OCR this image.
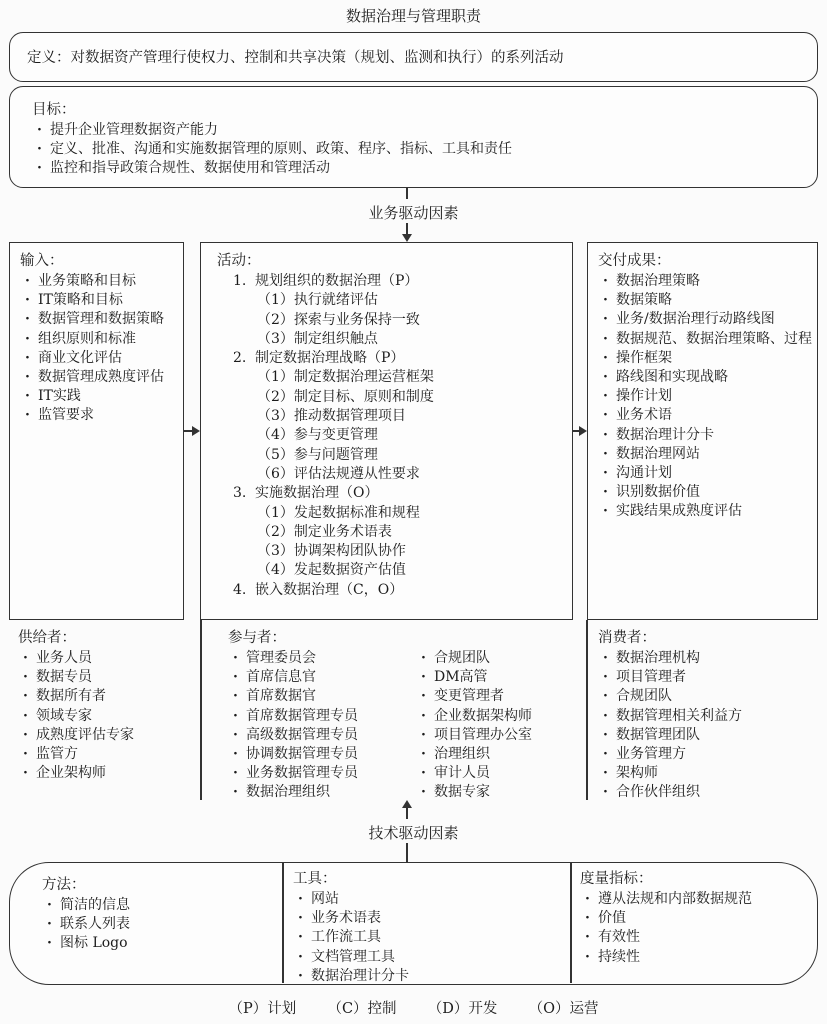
数据治理与管理职责
定义：对数据资产管理行使权力、控制和共享决策（规划、监测和执行）的系列活动
目标：
· 提升企业管理数据资产能力
· 定义、批准、沟通和实施数据管理的原则、政策、程序、指标、工具和责任
· 监控和指导政策合规性、数据使用和管理活动
业务驱动因素
输入：
· 业务策略和目标
· IT策略和目标
· 数据管理和数据策略
· 组织原则和标准
· 商业文化评估
· 数据管理成熟度评估
· IT实践
· 监管要求
活动：
1. 规划组织的数据治理（P）
（1）执行就绪评估
（2）探索与业务保持一致
（3）制定组织触点
2. 制定数据治理战略（P）
（1）制定数据治理运营框架
（2）制定目标、原则和制度
（3）推动数据管理项目
（4）参与变更管理
（5）参与问题管理
（6）评估法规遵从性要求
3. 实施数据治理（O）
（1）发起数据标准和规程
（2）制定业务术语表
（3）协调架构团队协作
（4）发起数据资产估值
4. 嵌入数据治理（C，O）
交付成果：
· 数据治理策略
· 数据策略
· 业务/数据治理行动路线图
· 数据规范、数据治理策略、过程
· 操作框架
· 路线图和实现战略
· 操作计划
· 业务术语
· 数据治理计分卡
· 数据治理网站
· 沟通计划
· 识别数据价值
· 实践结果成熟度评估
供给者：
· 业务人员
· 数据专员
· 数据所有者
· 领域专家
· 成熟度评估专家
· 监管方
· 企业架构师
参与者：
· 管理委员会
· 首席信息官
· 首席数据官
· 首席数据管理专员
· 高级数据管理专员
· 协调数据管理专员
· 业务数据管理专员
· 数据治理组织
· 合规团队
· DM高管
· 变更管理者
· 企业数据架构师
· 项目管理办公室
· 治理组织
· 审计人员
· 数据专家
消费者：
· 数据治理机构
· 项目管理者
· 合规团队
· 数据管理相关利益方
· 数据管理团队
· 业务管理方
· 架构师
· 合作伙伴组织
技术驱动因素
方法：
· 简洁的信息
· 联系人列表
· 图标 Logo
工具：
· 网站
· 业务术语表
· 工作流工具
· 文档管理工具
· 数据治理计分卡
度量指标：
· 遵从法规和内部数据规范
· 价值
· 有效性
· 持续性
（P）计划 （C）控制 （D）开发 （O）运营
